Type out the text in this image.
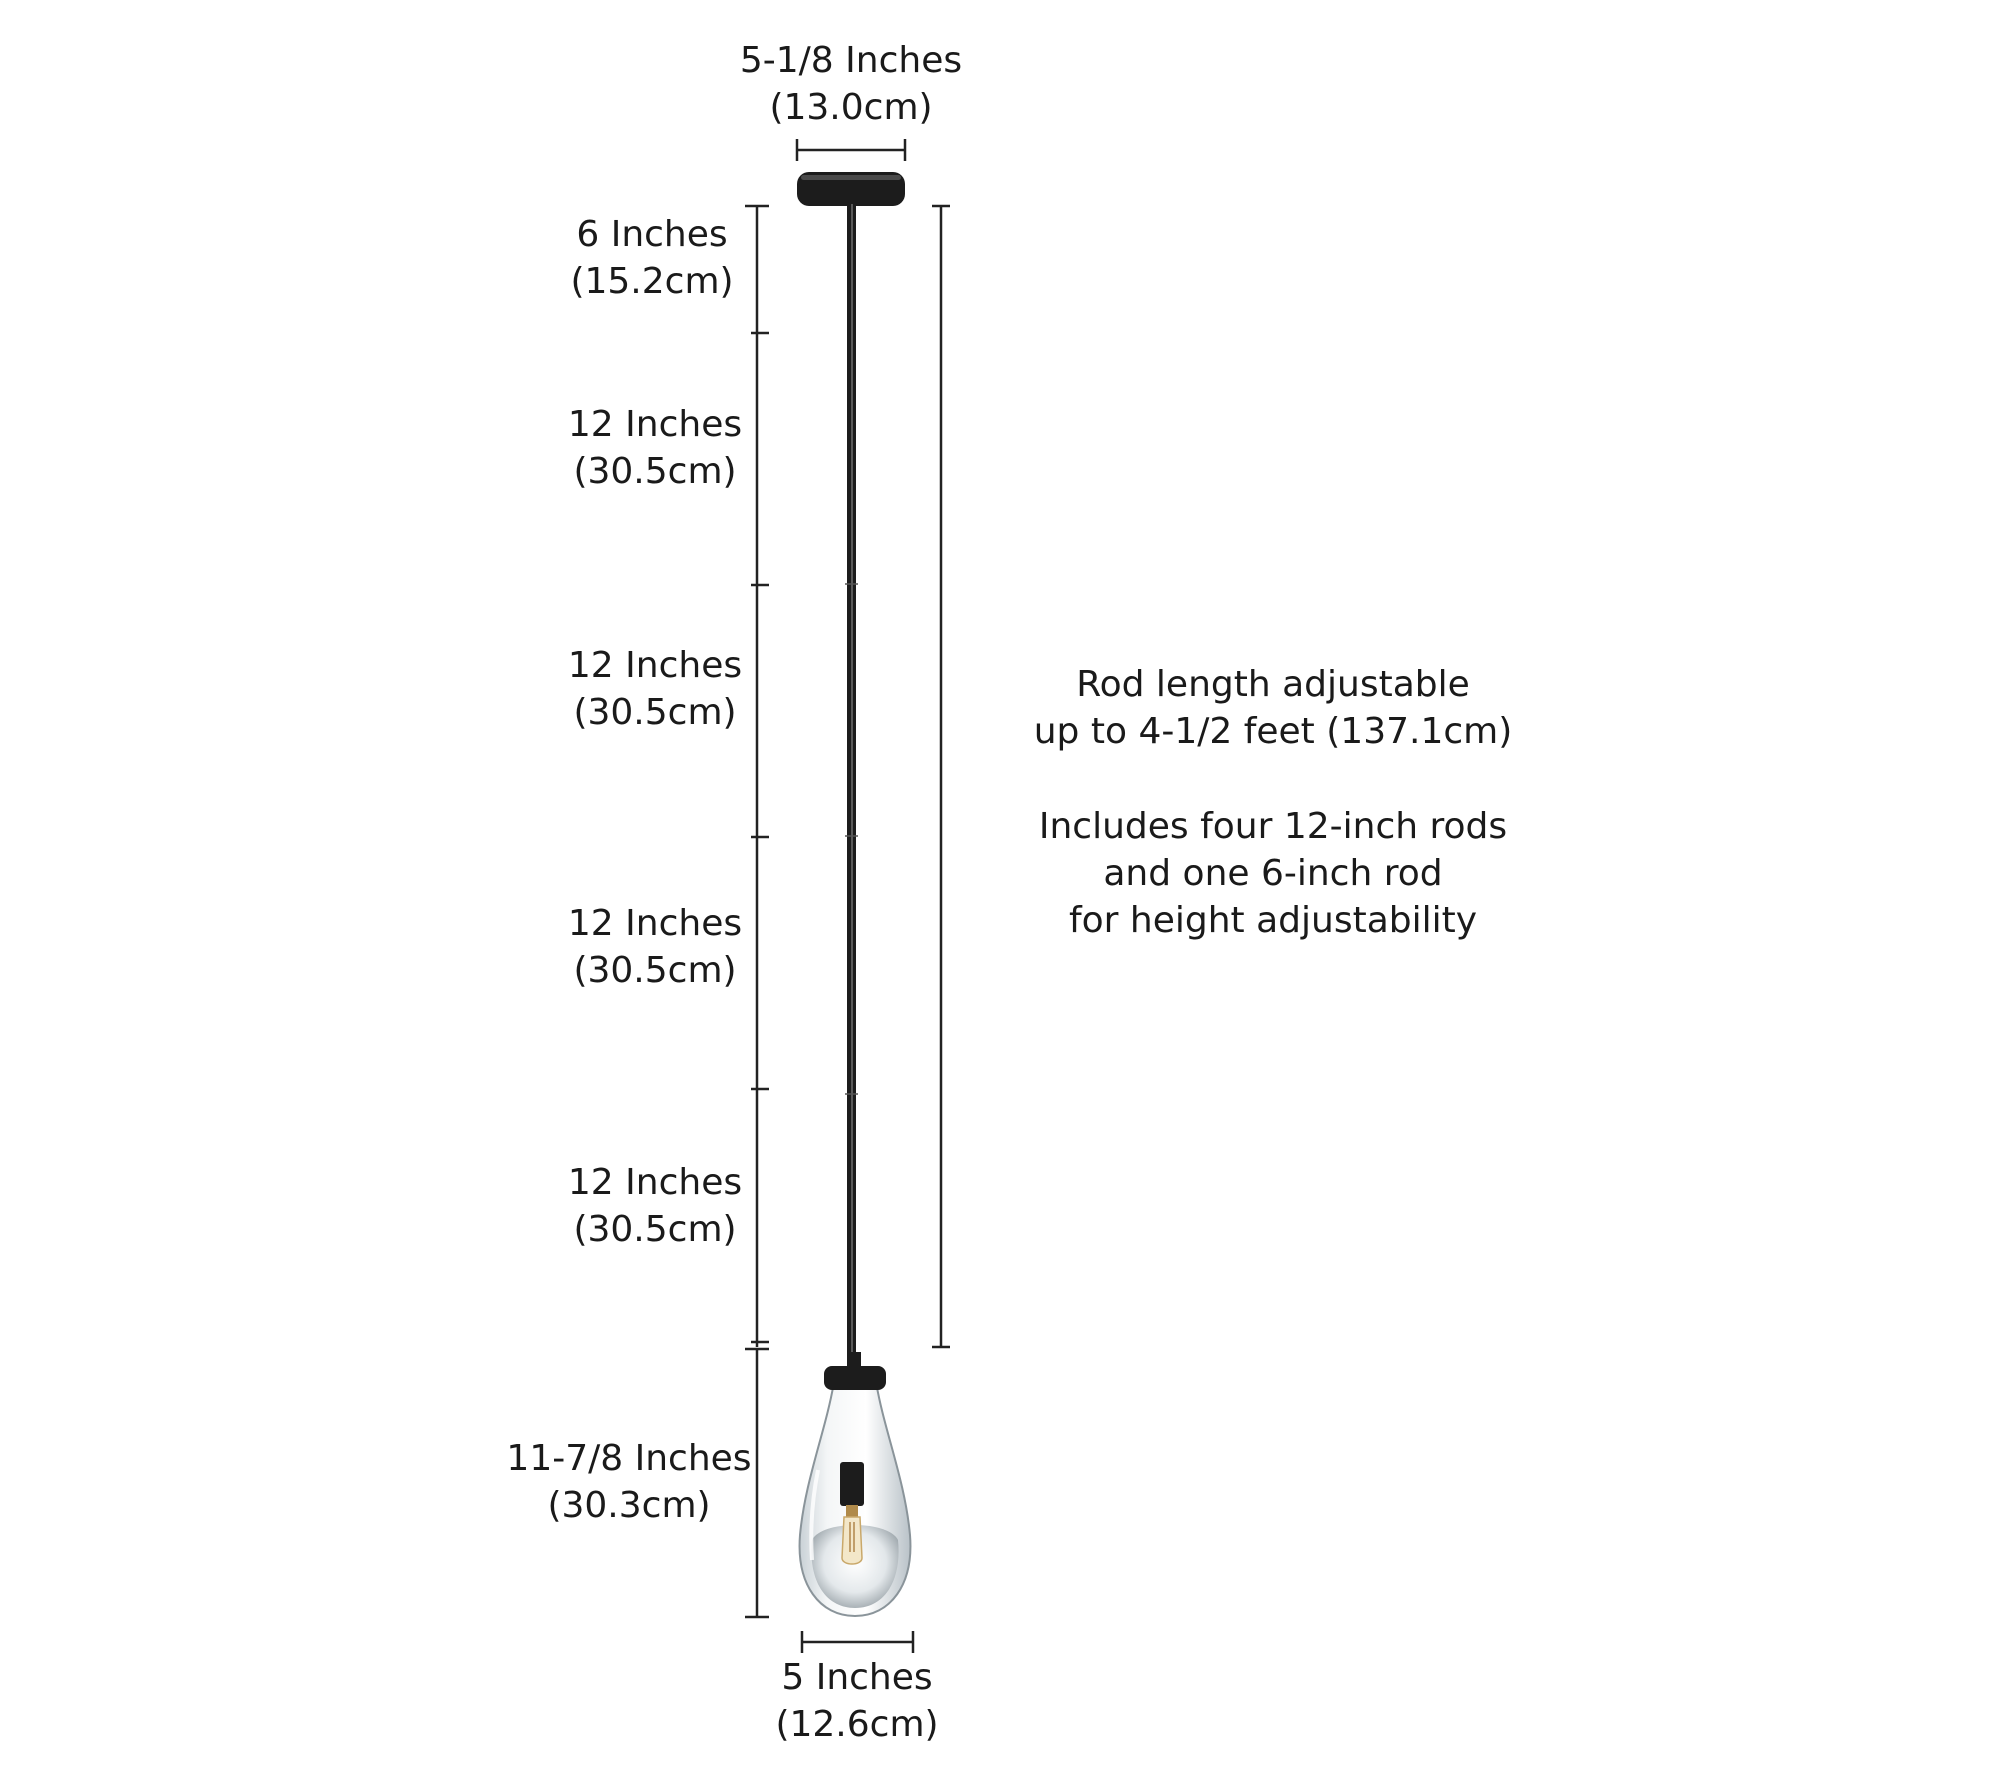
5-1/8 Inches
(13.0cm)
6 Inches
(15.2cm)
12 Inches
(30.5cm)
12 Inches
(30.5cm)
12 Inches
(30.5cm)
12 Inches
(30.5cm)
11-7/8 Inches
(30.3cm)
5 Inches
(12.6cm)
Rod length adjustable
up to 4-1/2 feet (137.1cm)
Includes four 12-inch rods
and one 6-inch rod
for height adjustability
